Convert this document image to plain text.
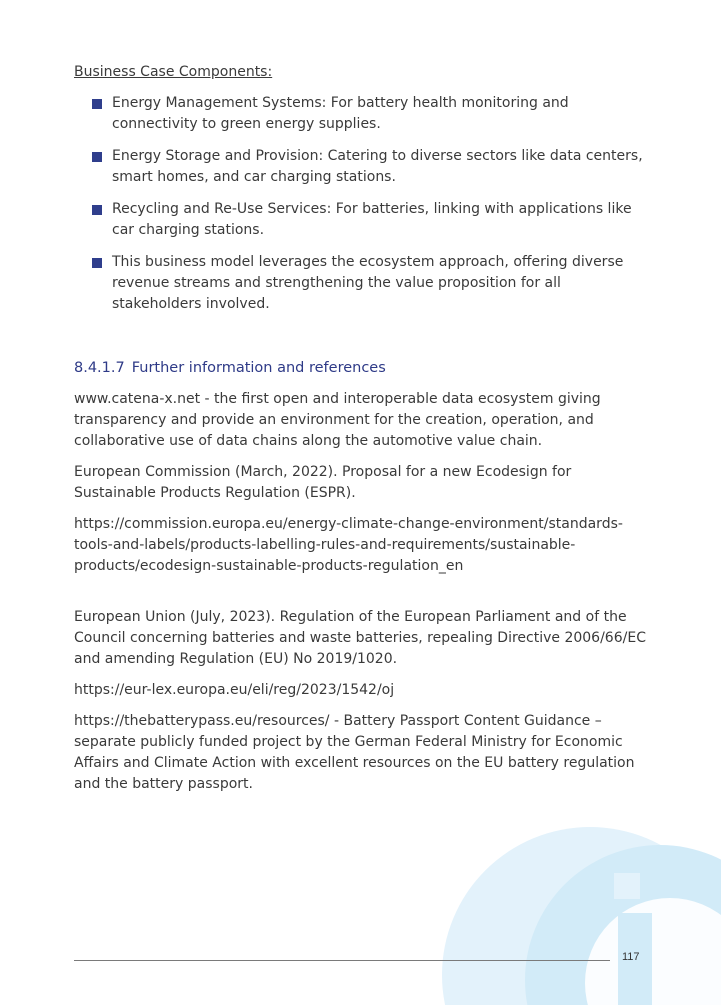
Business Case Components:
Energy Management Systems: For battery health monitoring and connectivity to green energy supplies.
Energy Storage and Provision: Catering to diverse sectors like data centers, smart homes, and car charging stations.
Recycling and Re-Use Services: For batteries, linking with applications like car charging stations.
This business model leverages the ecosystem approach, offering diverse revenue streams and strengthening the value proposition for all stakeholders involved.
8.4.1.7 Further information and references

www.catena-x.net - the first open and interoperable data ecosystem giving transparency and provide an environment for the creation, operation, and collaborative use of data chains along the automotive value chain.

European Commission (March, 2022). Proposal for a new Ecodesign for Sustainable Products Regulation (ESPR).

https://commission.europa.eu/energy-climate-change-environment/standards-tools-and-labels/products-labelling-rules-and-requirements/sustainable-products/ecodesign-sustainable-products-regulation_en

European Union (July, 2023). Regulation of the European Parliament and of the Council concerning batteries and waste batteries, repealing Directive 2006/66/EC and amending Regulation (EU) No 2019/1020.

https://eur-lex.europa.eu/eli/reg/2023/1542/oj

https://thebatterypass.eu/resources/ - Battery Passport Content Guidance – separate publicly funded project by the German Federal Ministry for Economic Affairs and Climate Action with excellent resources on the EU battery regulation and the battery passport.

117
